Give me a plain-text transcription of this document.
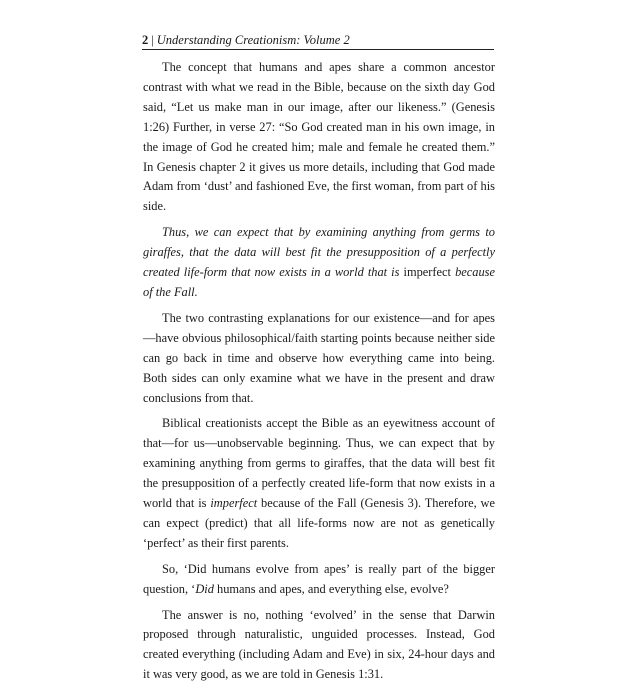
2 | Understanding Creationism: Volume 2

The concept that humans and apes share a common ancestor contrast with what we read in the Bible, because on the sixth day God said, “Let us make man in our image, after our likeness.” (Genesis 1:26) Further, in verse 27: “So God created man in his own image, in the image of God he created him; male and female he created them.” In Genesis chapter 2 it gives us more details, including that God made Adam from ‘dust’ and fashioned Eve, the first woman, from part of his side.

Thus, we can expect that by examining anything from germs to giraffes, that the data will best fit the presupposition of a perfectly created life-form that now exists in a world that is imperfect because of the Fall.

The two contrasting explanations for our existence—and for apes—have obvious philosophical/faith starting points because neither side can go back in time and observe how everything came into being. Both sides can only examine what we have in the present and draw conclusions from that.

Biblical creationists accept the Bible as an eyewitness account of that—for us—unobservable beginning. Thus, we can expect that by examining anything from germs to giraffes, that the data will best fit the presupposition of a perfectly created life-form that now exists in a world that is imperfect because of the Fall (Genesis 3). Therefore, we can expect (predict) that all life-forms now are not as genetically ‘perfect’ as their first parents.

So, ‘Did humans evolve from apes’ is really part of the bigger question, ‘Did humans and apes, and everything else, evolve?

The answer is no, nothing ‘evolved’ in the sense that Darwin proposed through naturalistic, unguided processes. Instead, God created everything (including Adam and Eve) in six, 24-hour days and it was very good, as we are told in Genesis 1:31.
